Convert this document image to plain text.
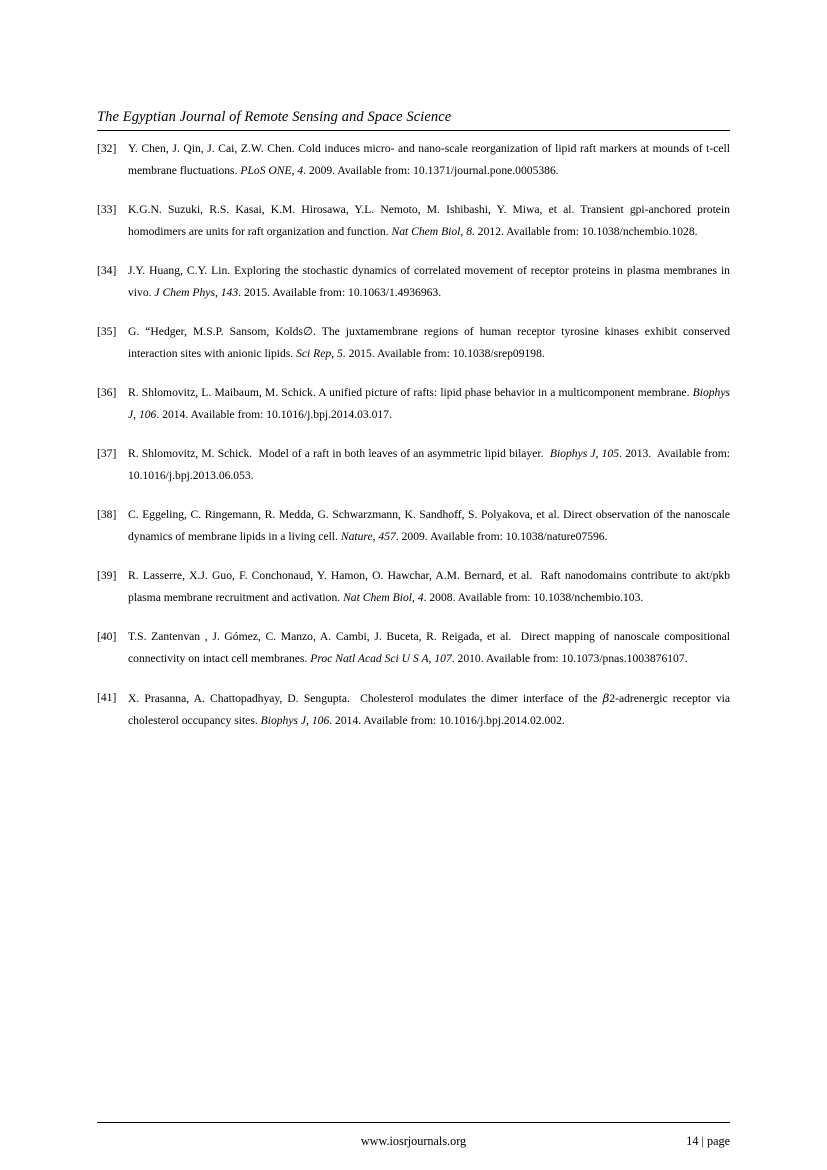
The Egyptian Journal of Remote Sensing and Space Science
[32]	Y. Chen, J. Qin, J. Cai, Z.W. Chen. Cold induces micro- and nano-scale reorganization of lipid raft markers at mounds of t-cell membrane fluctuations. PLoS ONE, 4. 2009. Available from: 10.1371/journal.pone.0005386.
[33]	K.G.N. Suzuki, R.S. Kasai, K.M. Hirosawa, Y.L. Nemoto, M. Ishibashi, Y. Miwa, et al. Transient gpi-anchored protein homodimers are units for raft organization and function. Nat Chem Biol, 8. 2012. Available from: 10.1038/nchembio.1028.
[34]	J.Y. Huang, C.Y. Lin. Exploring the stochastic dynamics of correlated movement of receptor proteins in plasma membranes in vivo. J Chem Phys, 143. 2015. Available from: 10.1063/1.4936963.
[35]	G. “Hedger, M.S.P. Sansom, Kolds∅. The juxtamembrane regions of human receptor tyrosine kinases exhibit conserved interaction sites with anionic lipids. Sci Rep, 5. 2015. Available from: 10.1038/srep09198.
[36]	R. Shlomovitz, L. Maibaum, M. Schick. A unified picture of rafts: lipid phase behavior in a multicomponent membrane. Biophys J, 106. 2014. Available from: 10.1016/j.bpj.2014.03.017.
[37]	R. Shlomovitz, M. Schick. Model of a raft in both leaves of an asymmetric lipid bilayer. Biophys J, 105. 2013. Available from: 10.1016/j.bpj.2013.06.053.
[38]	C. Eggeling, C. Ringemann, R. Medda, G. Schwarzmann, K. Sandhoff, S. Polyakova, et al. Direct observation of the nanoscale dynamics of membrane lipids in a living cell. Nature, 457. 2009. Available from: 10.1038/nature07596.
[39]	R. Lasserre, X.J. Guo, F. Conchonaud, Y. Hamon, O. Hawchar, A.M. Bernard, et al. Raft nanodomains contribute to akt/pkb plasma membrane recruitment and activation. Nat Chem Biol, 4. 2008. Available from: 10.1038/nchembio.103.
[40]	T.S. Zantenvan , J. Gómez, C. Manzo, A. Cambi, J. Buceta, R. Reigada, et al. Direct mapping of nanoscale compositional connectivity on intact cell membranes. Proc Natl Acad Sci U S A, 107. 2010. Available from: 10.1073/pnas.1003876107.
[41]	X. Prasanna, A. Chattopadhyay, D. Sengupta. Cholesterol modulates the dimer interface of the β2-adrenergic receptor via cholesterol occupancy sites. Biophys J, 106. 2014. Available from: 10.1016/j.bpj.2014.02.002.
www.iosrjournals.org	14 | page
